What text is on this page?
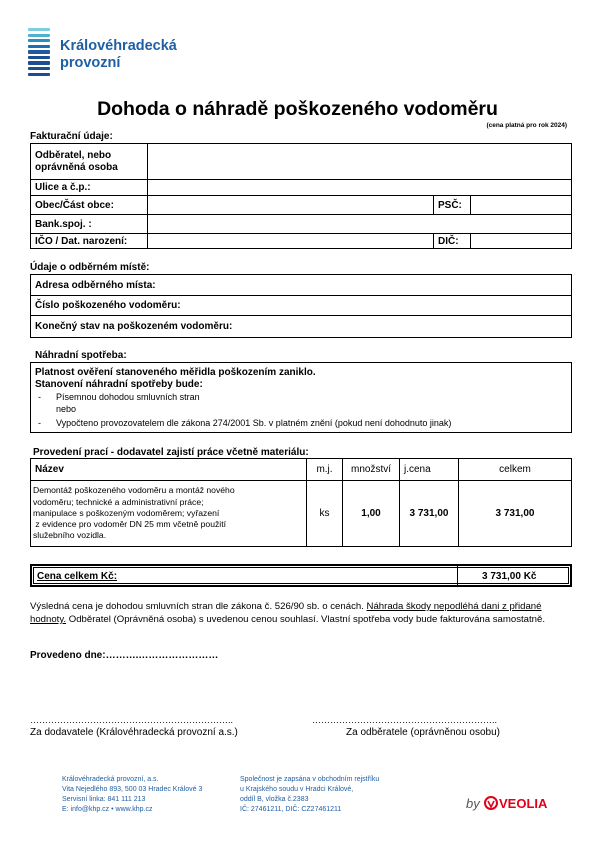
Královéhradecká
provozní
Dohoda o náhradě poškozeného vodoměru
(cena platná pro rok 2024)
Fakturační údaje:
Odběratel, nebo oprávněná osoba			
Ulice a č.p.:			
Obec/Část obce:		PSČ:	
Bank.spoj. :			
IČO / Dat. narození:		DIČ:	
Údaje o odběrném místě:
Adresa odběrného místa:
Číslo poškozeného vodoměru:
Konečný stav na poškozeném vodoměru:
Náhradní spotřeba:
Platnost ověření stanoveného měřidla poškozením zaniklo.
Stanovení náhradní spotřeby bude:
- Písemnou dohodou smluvních stran
nebo
- Vypočteno provozovatelem dle zákona 274/2001 Sb. v platném znění (pokud není dohodnuto jinak)
Provedení prací - dodavatel zajistí práce včetně materiálu:
Název	m.j.	množství	j.cena	celkem

Demontáž poškozeného vodoměru a montáž nového
vodoměru; technické a administrativní práce;
manipulace s poškozeným vodoměrem; vyřazení
z evidence pro vodoměr DN 25 mm včetně použití
služebního vozidla.	ks	1,00	3 731,00	3 731,00
Cena celkem Kč:	3 731,00 Kč
Výsledná cena je dohodou smluvních stran dle zákona č. 526/90 sb. o cenách. Náhrada škody nepodléhá dani z přidané hodnoty. Odběratel (Oprávněná osoba) s uvedenou cenou souhlasí. Vlastní spotřeba vody bude fakturována samostatně.
Provedeno dne:……….……………………
…………………………………………………………..	……………………………………………………..
Za dodavatele (Královéhradecká provozní a.s.)	Za odběratele (oprávněnou osobu)
Královéhradecká provozní, a.s.
Vita Nejedlého 893, 500 03 Hradec Králové 3
Servisní linka: 841 111 213
E: info@khp.cz • www.khp.cz
Společnost je zapsána v obchodním rejstříku
u Krajského soudu v Hradci Králové,
oddíl B, vložka č.2383
IČ: 27461211, DIČ: CZ27461211	by VEOLIA
